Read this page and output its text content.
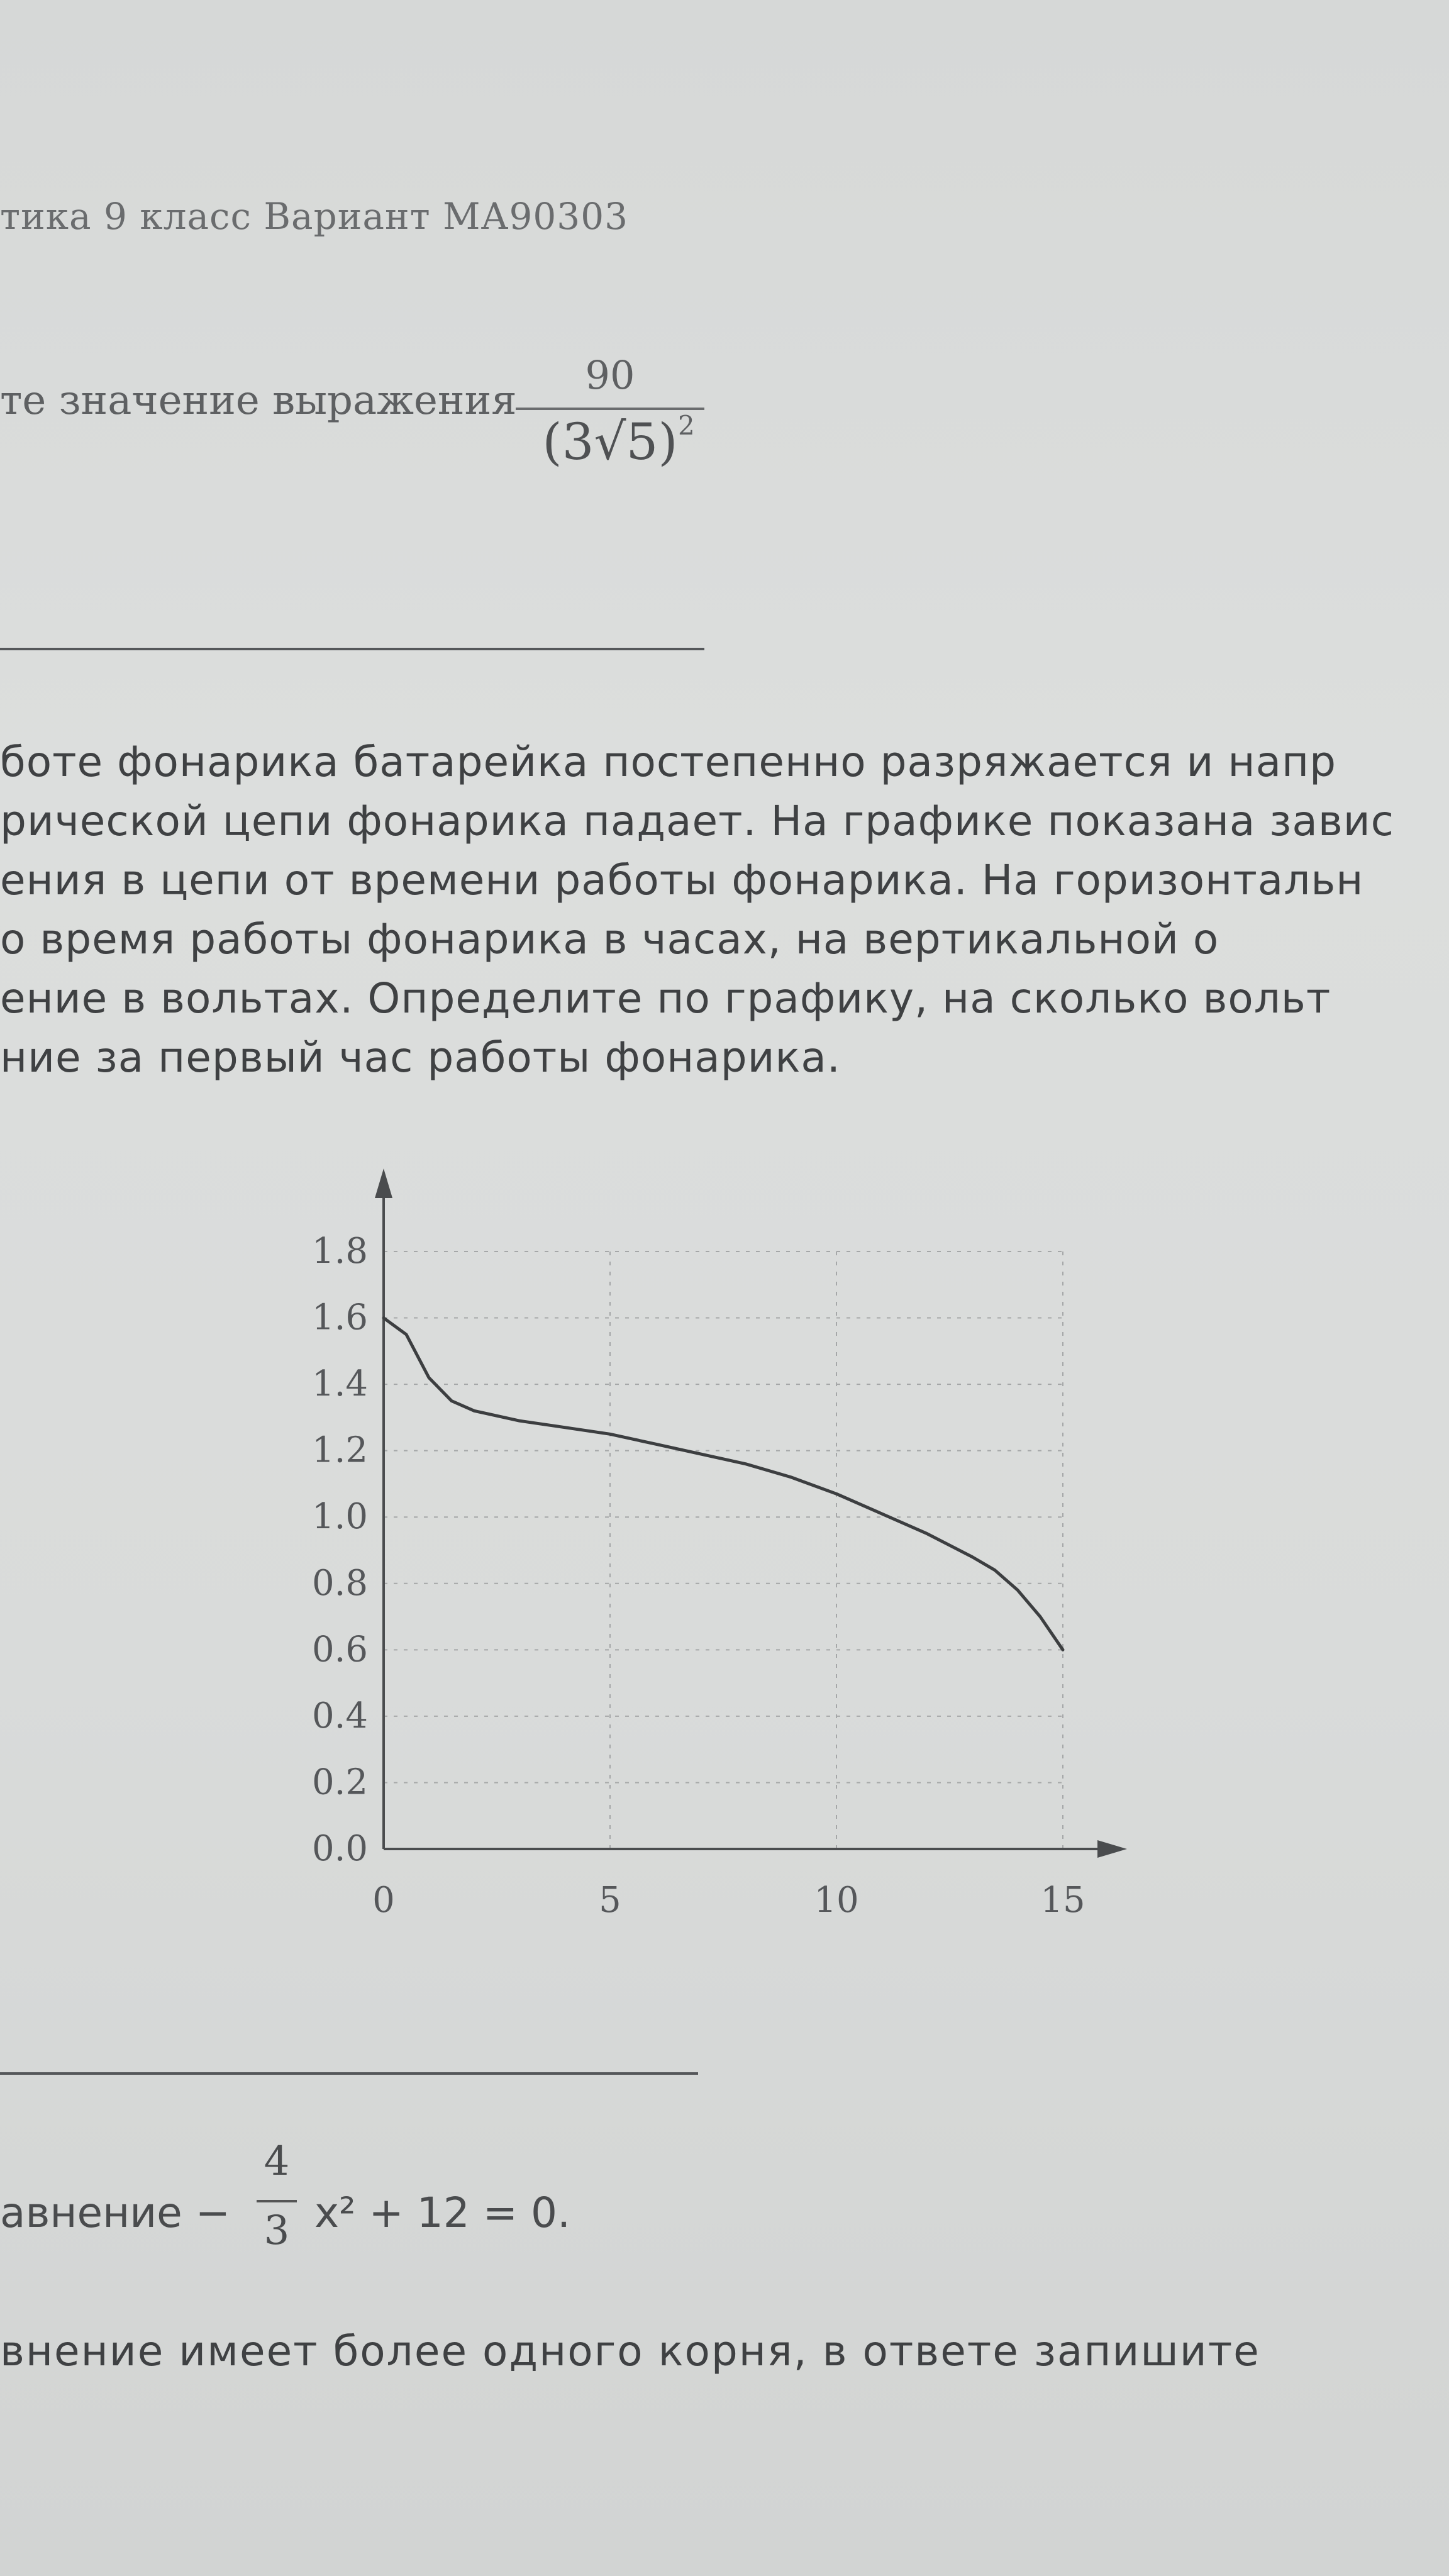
тика 9 класс Вариант МА90303
те значение выражения
90
(3√5) 2
боте фонарика батарейка постепенно разряжается и напр
рической цепи фонарика падает. На графике показана завис
ения в цепи от времени работы фонарика. На горизонтальн
о время работы фонарика в часах, на вертикальной о
ение в вольтах. Определите по графику, на сколько вольт
ние за первый час работы фонарика.
0.0
0.2
0.4
0.6
0.8
1.0
1.2
1.4
1.6
1.8
0	5	10	15
авнение −
4
3 x² + 12 = 0.
внение имеет более одного корня, в ответе запишите
